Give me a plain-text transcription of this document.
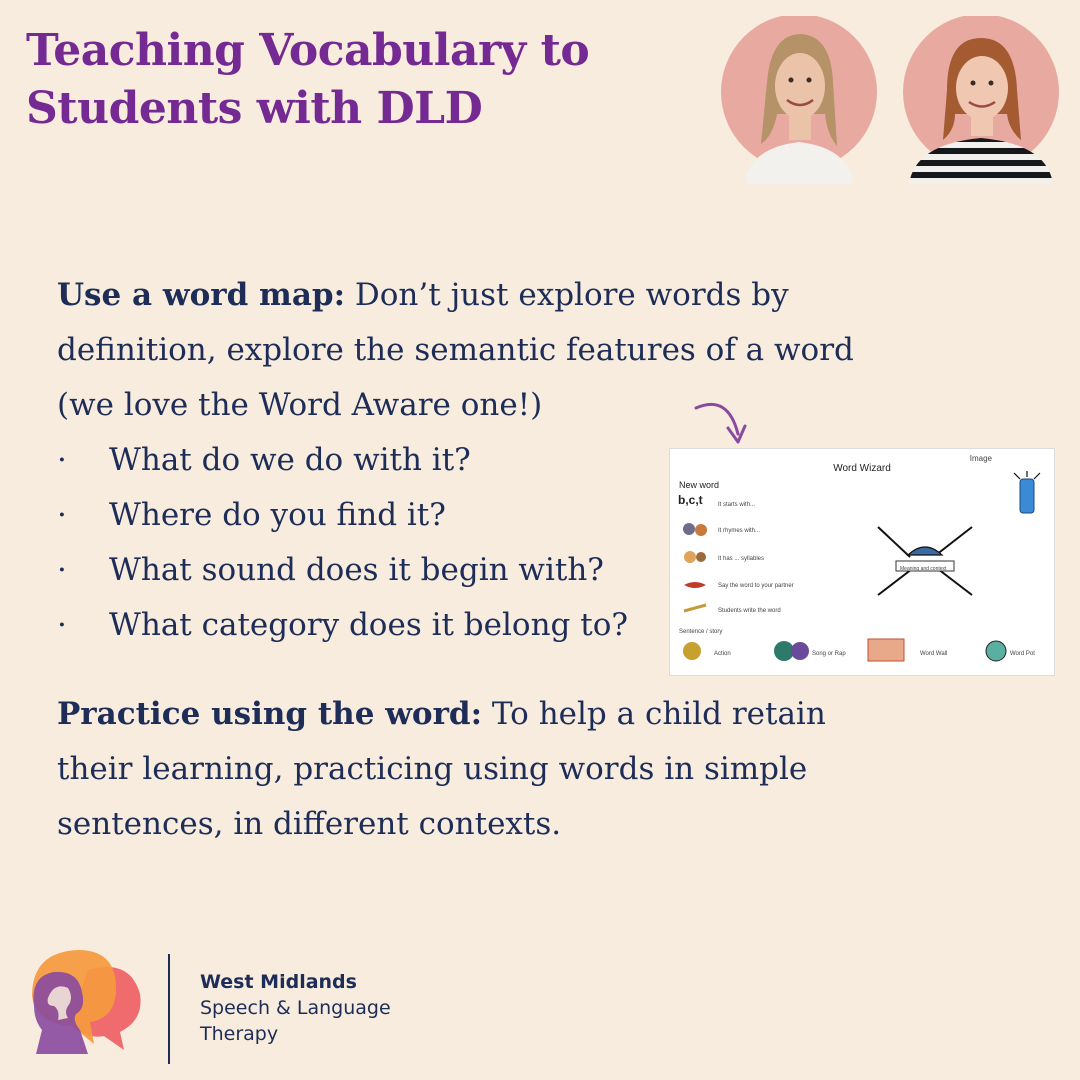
Teaching Vocabulary to
Students with DLD

Use a word map: Don’t just explore words by definition, explore the semantic features of a word (we love the Word Aware one!)

· What do we do with it?
· Where do you find it?
· What sound does it begin with?
· What category does it belong to?

Practice using the word: To help a child retain their learning, practicing using words in simple sentences, in different contexts.

Image
Word Wizard
New word
b,c,t	It starts with...
It rhymes with...
It has ... syllables
Say the word to your partner
Students write the word
Sentence / story
Meaning and context
Action	Song or Rap	Word Wall	Word Pot
West Midlands
Speech & Language
Therapy
